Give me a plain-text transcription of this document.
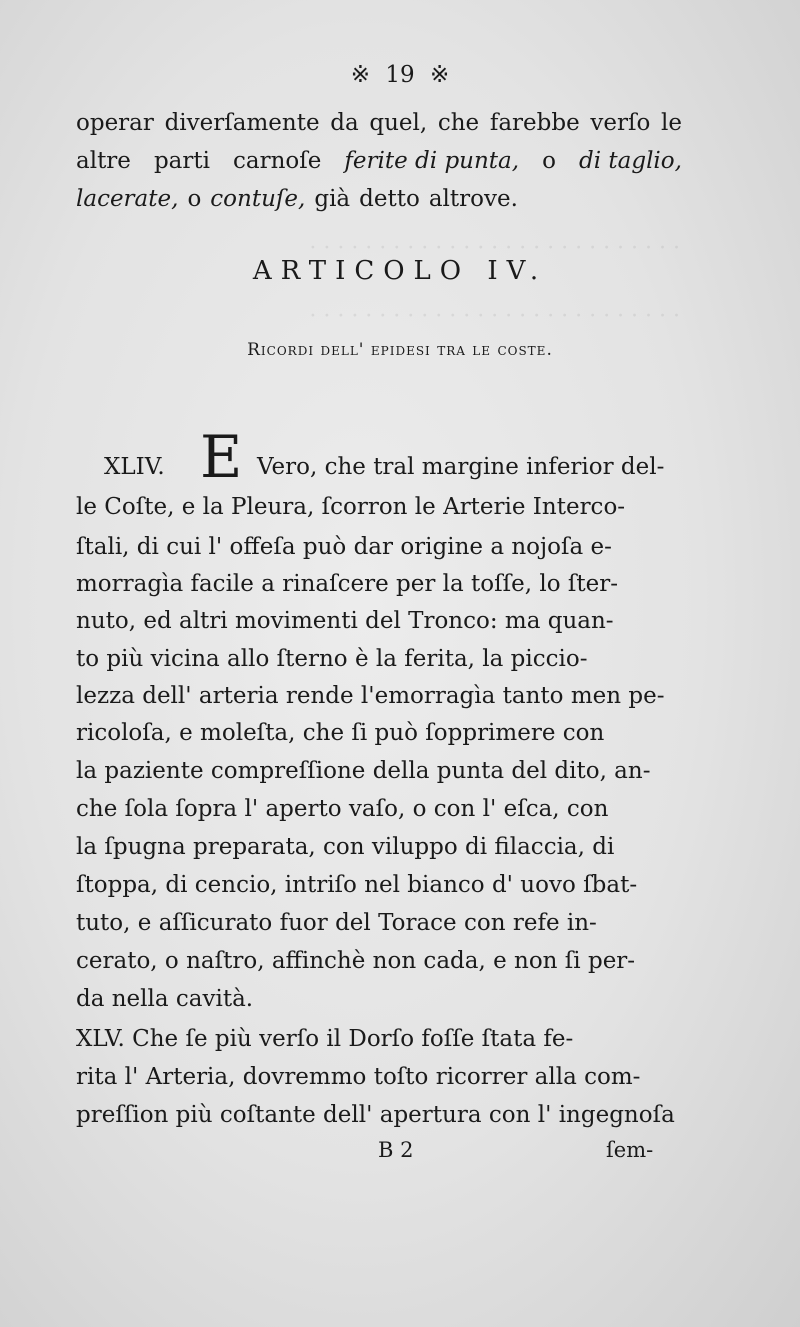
· · · · · · · · · · · · · · · · · · · · · · · · · · ·
· · · · · · · · · · · · · · · · · · · · · · · · · · ·
※ 19 ※
operar diverſamente da quel, che farebbe verſo le
altre parti carnoſe ferite di punta, o di taglio,
lacerate, o contuſe, già detto altrove.
ARTICOLO IV.
Ricordi dell' epidesi tra le coste.
E
XLIV.	Vero, che tral margine inferior del-
le Coſte, e la Pleura, ſcorron le Arterie Interco-
ſtali, di cui l' offeſa può dar origine a nojoſa e-
morragìa facile a rinaſcere per la toſſe, lo ſter-
nuto, ed altri movimenti del Tronco: ma quan-
to più vicina allo ſterno è la ferita, la piccio-
lezza dell' arteria rende l'emorragìa tanto men pe-
ricoloſa, e moleſta, che ſi può ſopprimere con
la paziente compreſſione della punta del dito, an-
che ſola ſopra l' aperto vaſo, o con l' eſca, con
la ſpugna preparata, con viluppo di filaccia, di
ſtoppa, di cencio, intriſo nel bianco d' uovo ſbat-
tuto, e aſſicurato fuor del Torace con refe in-
cerato, o naſtro, affinchè non cada, e non ſi per-
da nella cavità.
XLV. Che ſe più verſo il Dorſo foſſe ſtata fe-
rita l' Arteria, dovremmo toſto ricorrer alla com-
preſſion più coſtante dell' apertura con l' ingegnoſa
B 2	ſem-
